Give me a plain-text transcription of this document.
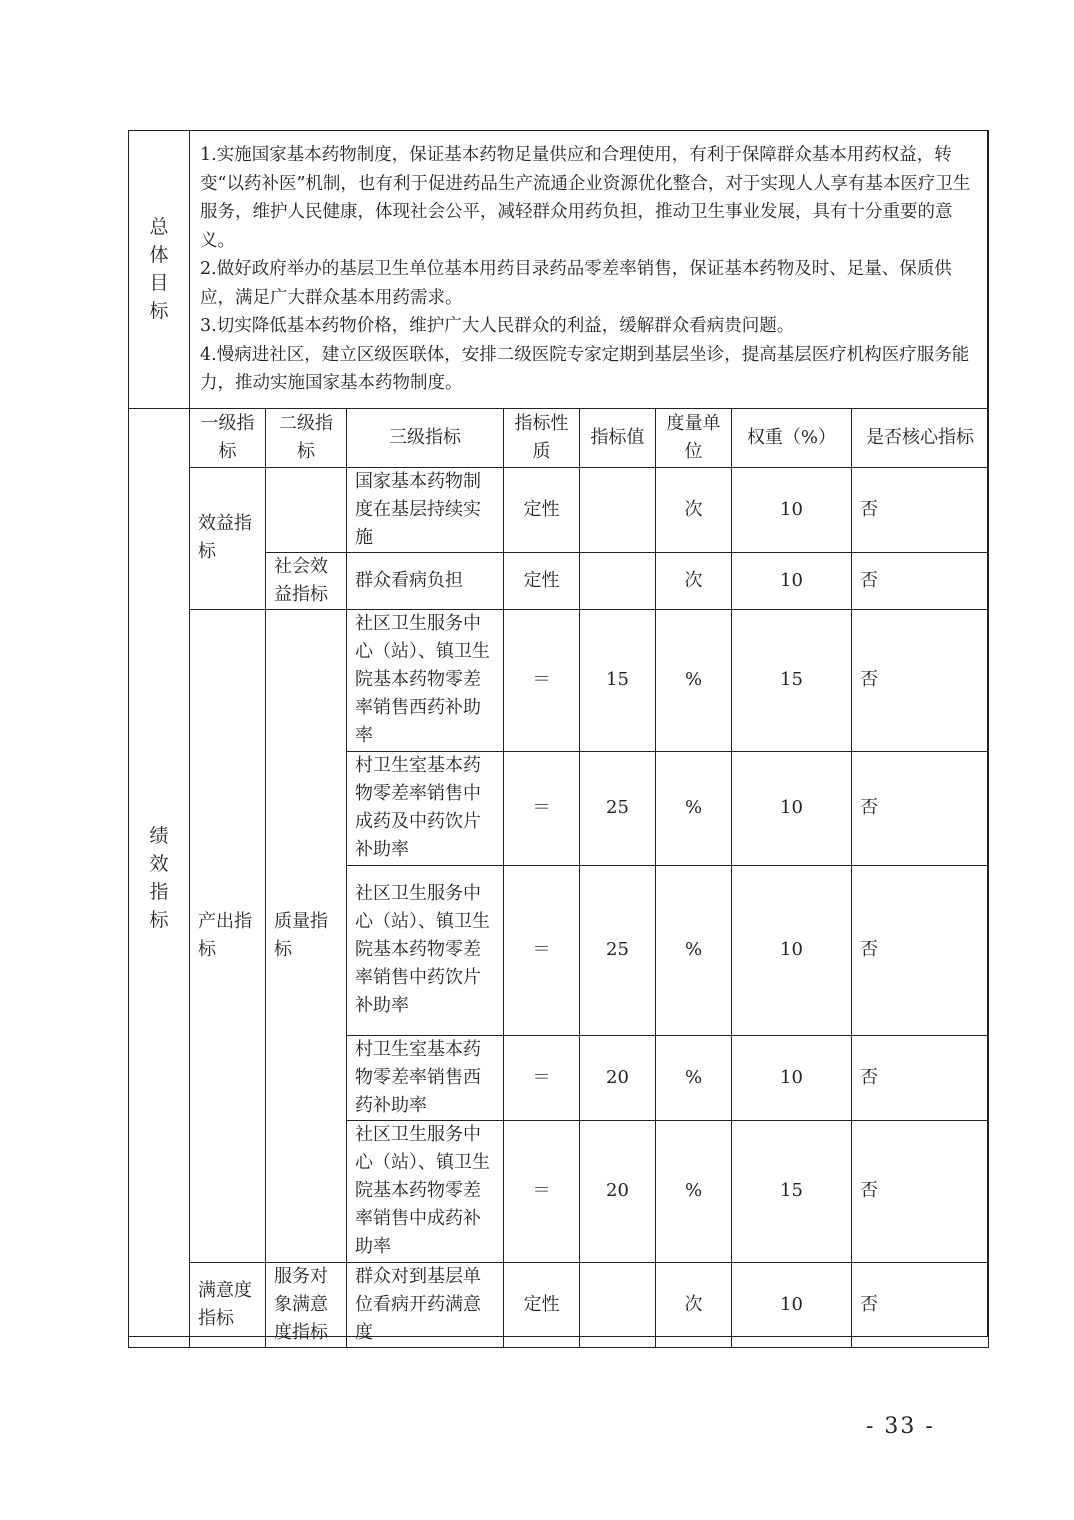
总体目标	1.实施国家基本药物制度，保证基本药物足量供应和合理使用，有利于保障群众基本用药权益，转变“以药补医”机制，也有利于促进药品生产流通企业资源优化整合，对于实现人人享有基本医疗卫生服务，维护人民健康，体现社会公平，减轻群众用药负担，推动卫生事业发展，具有十分重要的意义。

2.做好政府举办的基层卫生单位基本用药目录药品零差率销售，保证基本药物及时、足量、保质供应，满足广大群众基本用药需求。

3.切实降低基本药物价格，维护广大人民群众的利益，缓解群众看病贵问题。

4.慢病进社区，建立区级医联体，安排二级医院专家定期到基层坐诊，提高基层医疗机构医疗服务能力，推动实施国家基本药物制度。							

绩效指标	一级指标	二级指标	三级指标	指标性质	指标值	度量单位	权重（%）	是否核心指标
	效益指标		国家基本药物制度在基层持续实施	定性		次	10	否
		社会效益指标	群众看病负担	定性		次	10	否
	产出指标	质量指标	社区卫生服务中心（站）、镇卫生院基本药物零差率销售西药补助率	＝	15	%	15	否
			村卫生室基本药物零差率销售中成药及中药饮片补助率	＝	25	%	10	否
			社区卫生服务中心（站）、镇卫生院基本药物零差率销售中药饮片补助率	＝	25	%	10	否
			村卫生室基本药物零差率销售西药补助率	＝	20	%	10	否
			社区卫生服务中心（站）、镇卫生院基本药物零差率销售中成药补助率	＝	20	%	15	否
	满意度指标	服务对象满意度指标	群众对到基层单位看病开药满意度	定性		次	10	否
- 33 -
